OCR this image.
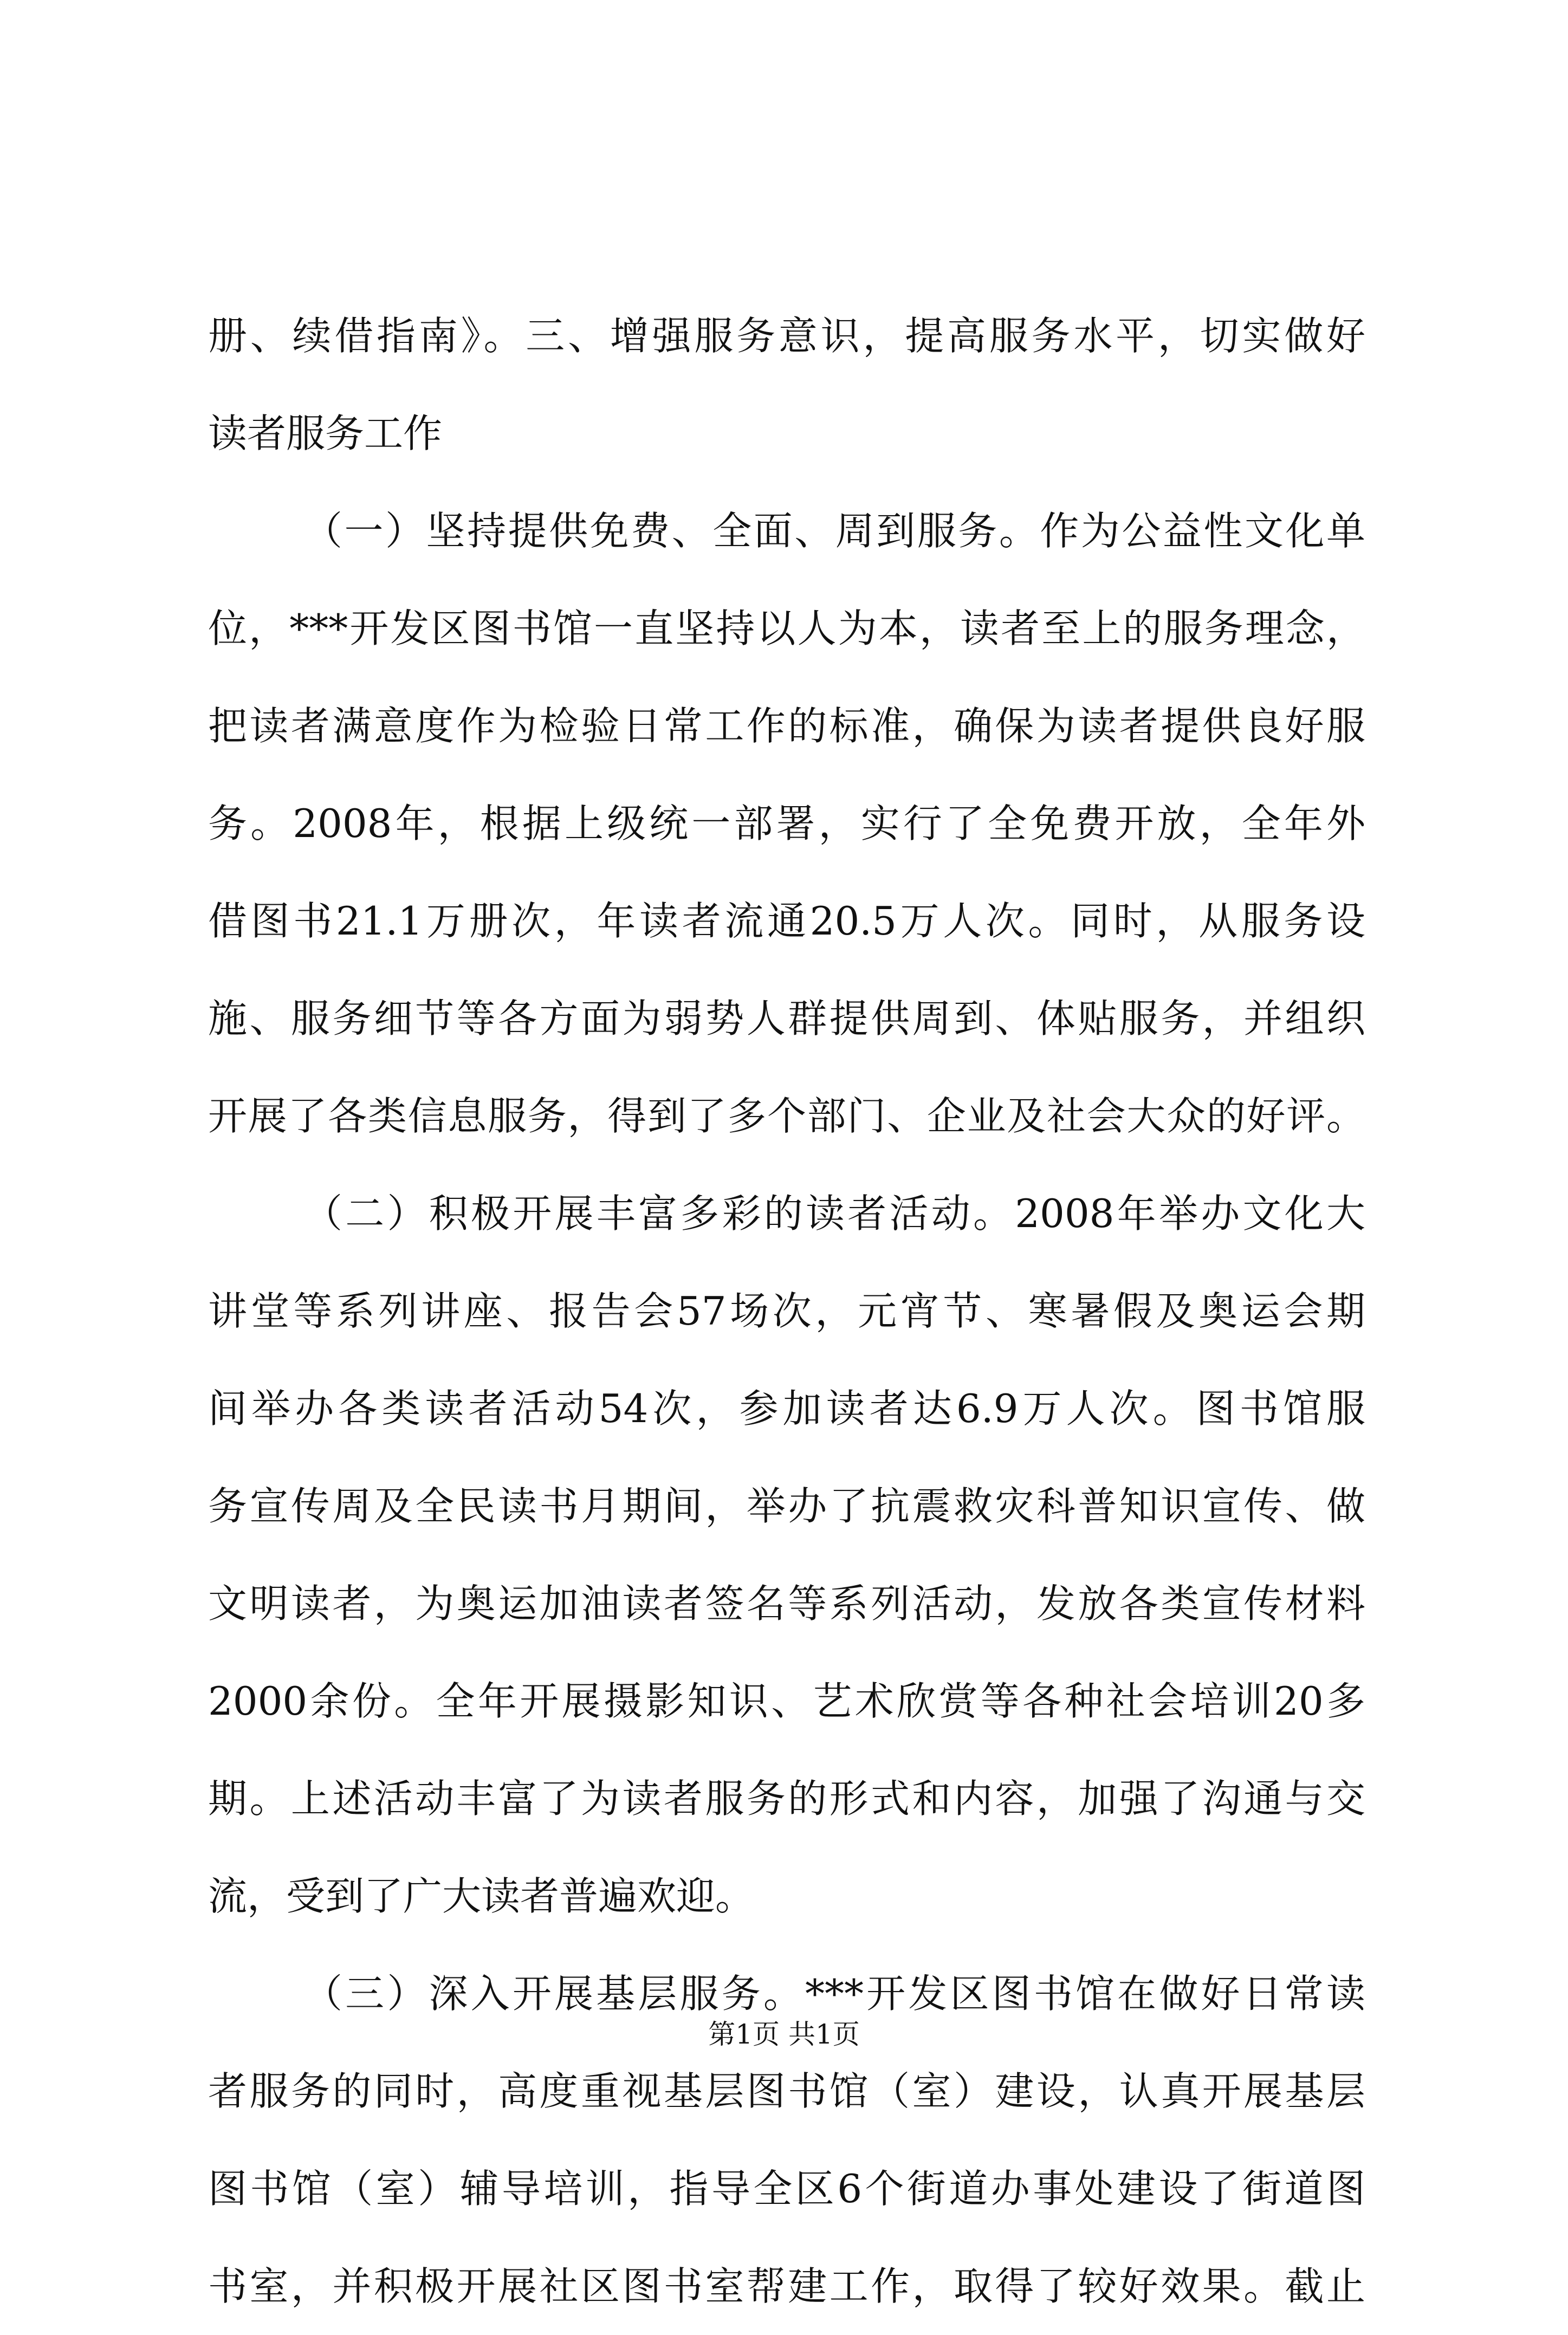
册、续借指南》。三、增强服务意识，提高服务水平，切实做好
读者服务工作
（一）坚持提供免费、全面、周到服务。作为公益性文化单
位，***开发区图书馆一直坚持以人为本，读者至上的服务理念，
把读者满意度作为检验日常工作的标准，确保为读者提供良好服
务。2008年，根据上级统一部署，实行了全免费开放，全年外
借图书21.1万册次，年读者流通20.5万人次。同时，从服务设
施、服务细节等各方面为弱势人群提供周到、体贴服务，并组织
开展了各类信息服务，得到了多个部门、企业及社会大众的好评。
（二）积极开展丰富多彩的读者活动。2008年举办文化大
讲堂等系列讲座、报告会57场次，元宵节、寒暑假及奥运会期
间举办各类读者活动54次，参加读者达6.9万人次。图书馆服
务宣传周及全民读书月期间，举办了抗震救灾科普知识宣传、做
文明读者，为奥运加油读者签名等系列活动，发放各类宣传材料
2000余份。全年开展摄影知识、艺术欣赏等各种社会培训20多
期。上述活动丰富了为读者服务的形式和内容，加强了沟通与交
流，受到了广大读者普遍欢迎。
（三）深入开展基层服务。***开发区图书馆在做好日常读
者服务的同时，高度重视基层图书馆（室）建设，认真开展基层
图书馆（室）辅导培训，指导全区6个街道办事处建设了街道图
书室，并积极开展社区图书室帮建工作，取得了较好效果。截止
第1页 共1页
